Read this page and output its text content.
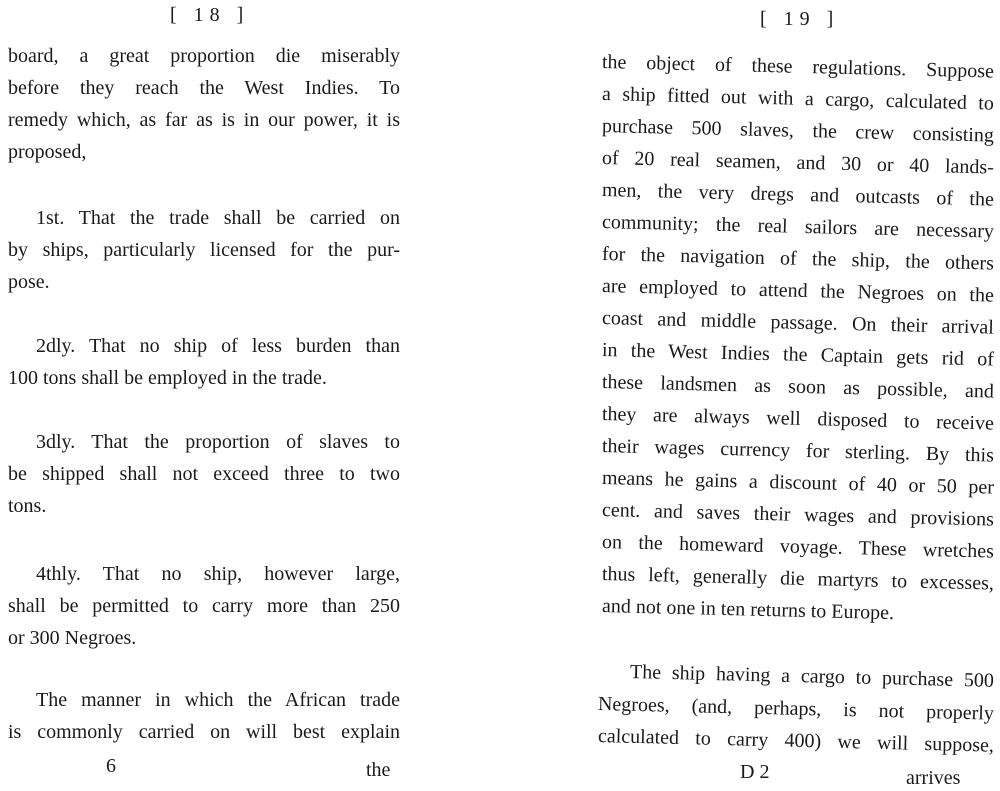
[ 18 ]
board, a great proportion die miserably
before they reach the West Indies. To
remedy which, as far as is in our power, it is
proposed,
1st. That the trade shall be carried on
by ships, particularly licensed for the pur-
pose.
2dly. That no ship of less burden than
100 tons shall be employed in the trade.
3dly. That the proportion of slaves to
be shipped shall not exceed three to two
tons.
4thly. That no ship, however large,
shall be permitted to carry more than 250
or 300 Negroes.
The manner in which the African trade
is commonly carried on will best explain
6	the
[ 19 ]
the object of these regulations. Suppose
a ship fitted out with a cargo, calculated to
purchase 500 slaves, the crew consisting
of 20 real seamen, and 30 or 40 lands-
men, the very dregs and outcasts of the
community; the real sailors are necessary
for the navigation of the ship, the others
are employed to attend the Negroes on the
coast and middle passage. On their arrival
in the West Indies the Captain gets rid of
these landsmen as soon as possible, and
they are always well disposed to receive
their wages currency for sterling. By this
means he gains a discount of 40 or 50 per
cent. and saves their wages and provisions
on the homeward voyage. These wretches
thus left, generally die martyrs to excesses,
and not one in ten returns to Europe.
The ship having a cargo to purchase 500
Negroes, (and, perhaps, is not properly
calculated to carry 400) we will suppose,
D 2	arrives
